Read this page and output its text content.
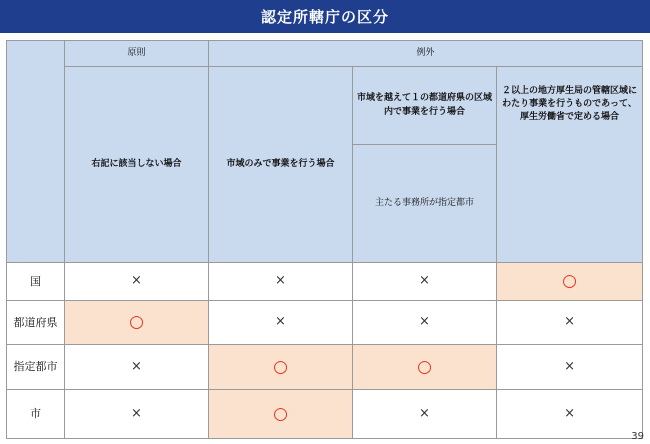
認定所轄庁の区分
	原則	例外		
	右記に該当しない場合	市域のみで事業を行う場合	市域を越えて１の都道府県の区域内で事業を行う場合	２以上の地方厚生局の管轄区域にわたり事業を行うものであって、厚生労働省で定める場合
			主たる事務所が指定都市	
国	×	×	×	○
都道府県	○	×	×	×
指定都市	×	○	○	×
市	×	○	×	×
39
